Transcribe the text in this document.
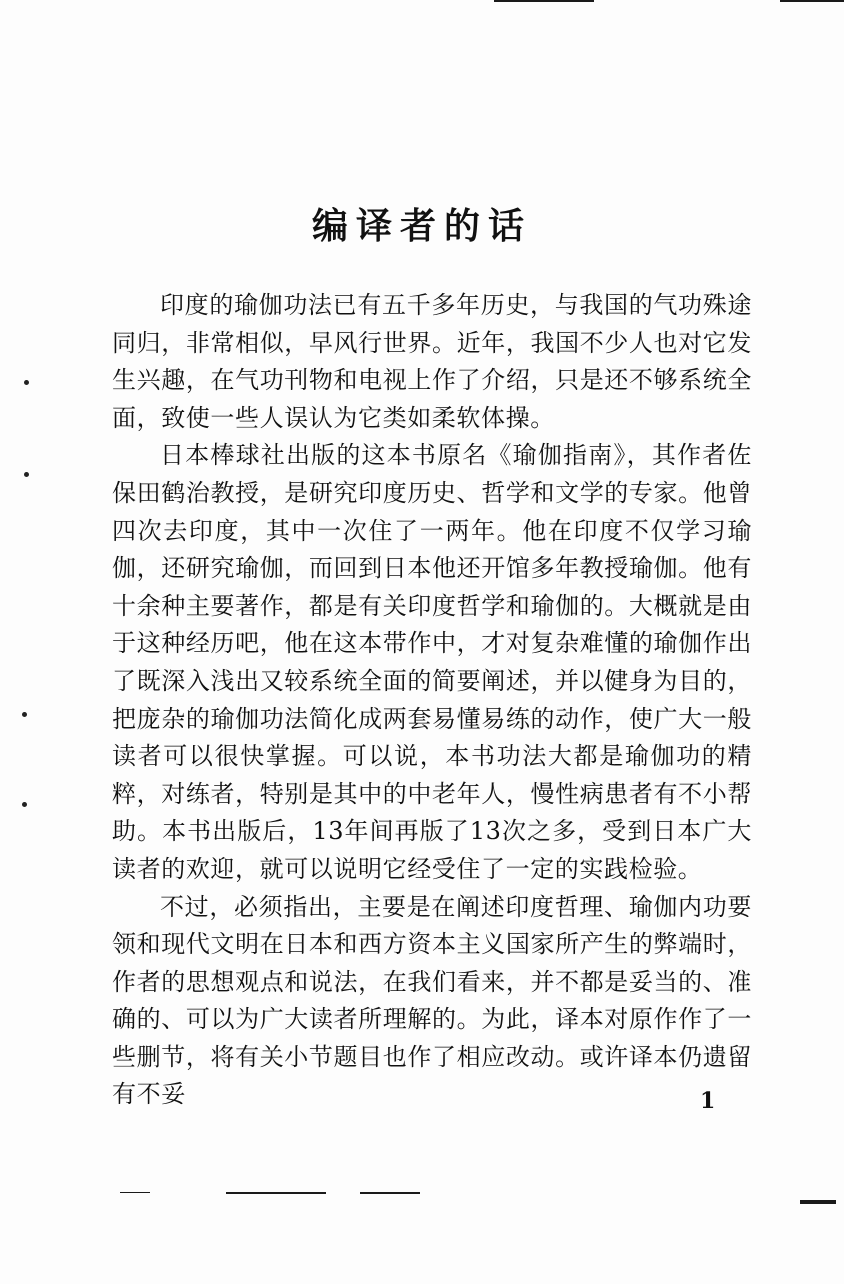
编译者的话

印度的瑜伽功法已有五千多年历史，与我国的气功殊途同归，非常相似，早风行世界。近年，我国不少人也对它发生兴趣，在气功刊物和电视上作了介绍，只是还不够系统全面，致使一些人误认为它类如柔软体操。

日本棒球社出版的这本书原名《瑜伽指南》，其作者佐保田鹤治教授，是研究印度历史、哲学和文学的专家。他曾四次去印度，其中一次住了一两年。他在印度不仅学习瑜伽，还研究瑜伽，而回到日本他还开馆多年教授瑜伽。他有十余种主要著作，都是有关印度哲学和瑜伽的。大概就是由于这种经历吧，他在这本带作中，才对复杂难懂的瑜伽作出了既深入浅出又较系统全面的简要阐述，并以健身为目的，把庞杂的瑜伽功法简化成两套易懂易练的动作，使广大一般读者可以很快掌握。可以说，本书功法大都是瑜伽功的精粹，对练者，特别是其中的中老年人，慢性病患者有不小帮助。本书出版后，13年间再版了13次之多，受到日本广大读者的欢迎，就可以说明它经受住了一定的实践检验。

不过，必须指出，主要是在阐述印度哲理、瑜伽内功要领和现代文明在日本和西方资本主义国家所产生的弊端时，作者的思想观点和说法，在我们看来，并不都是妥当的、准确的、可以为广大读者所理解的。为此，译本对原作作了一些删节，将有关小节题目也作了相应改动。或许译本仍遗留有不妥	1
